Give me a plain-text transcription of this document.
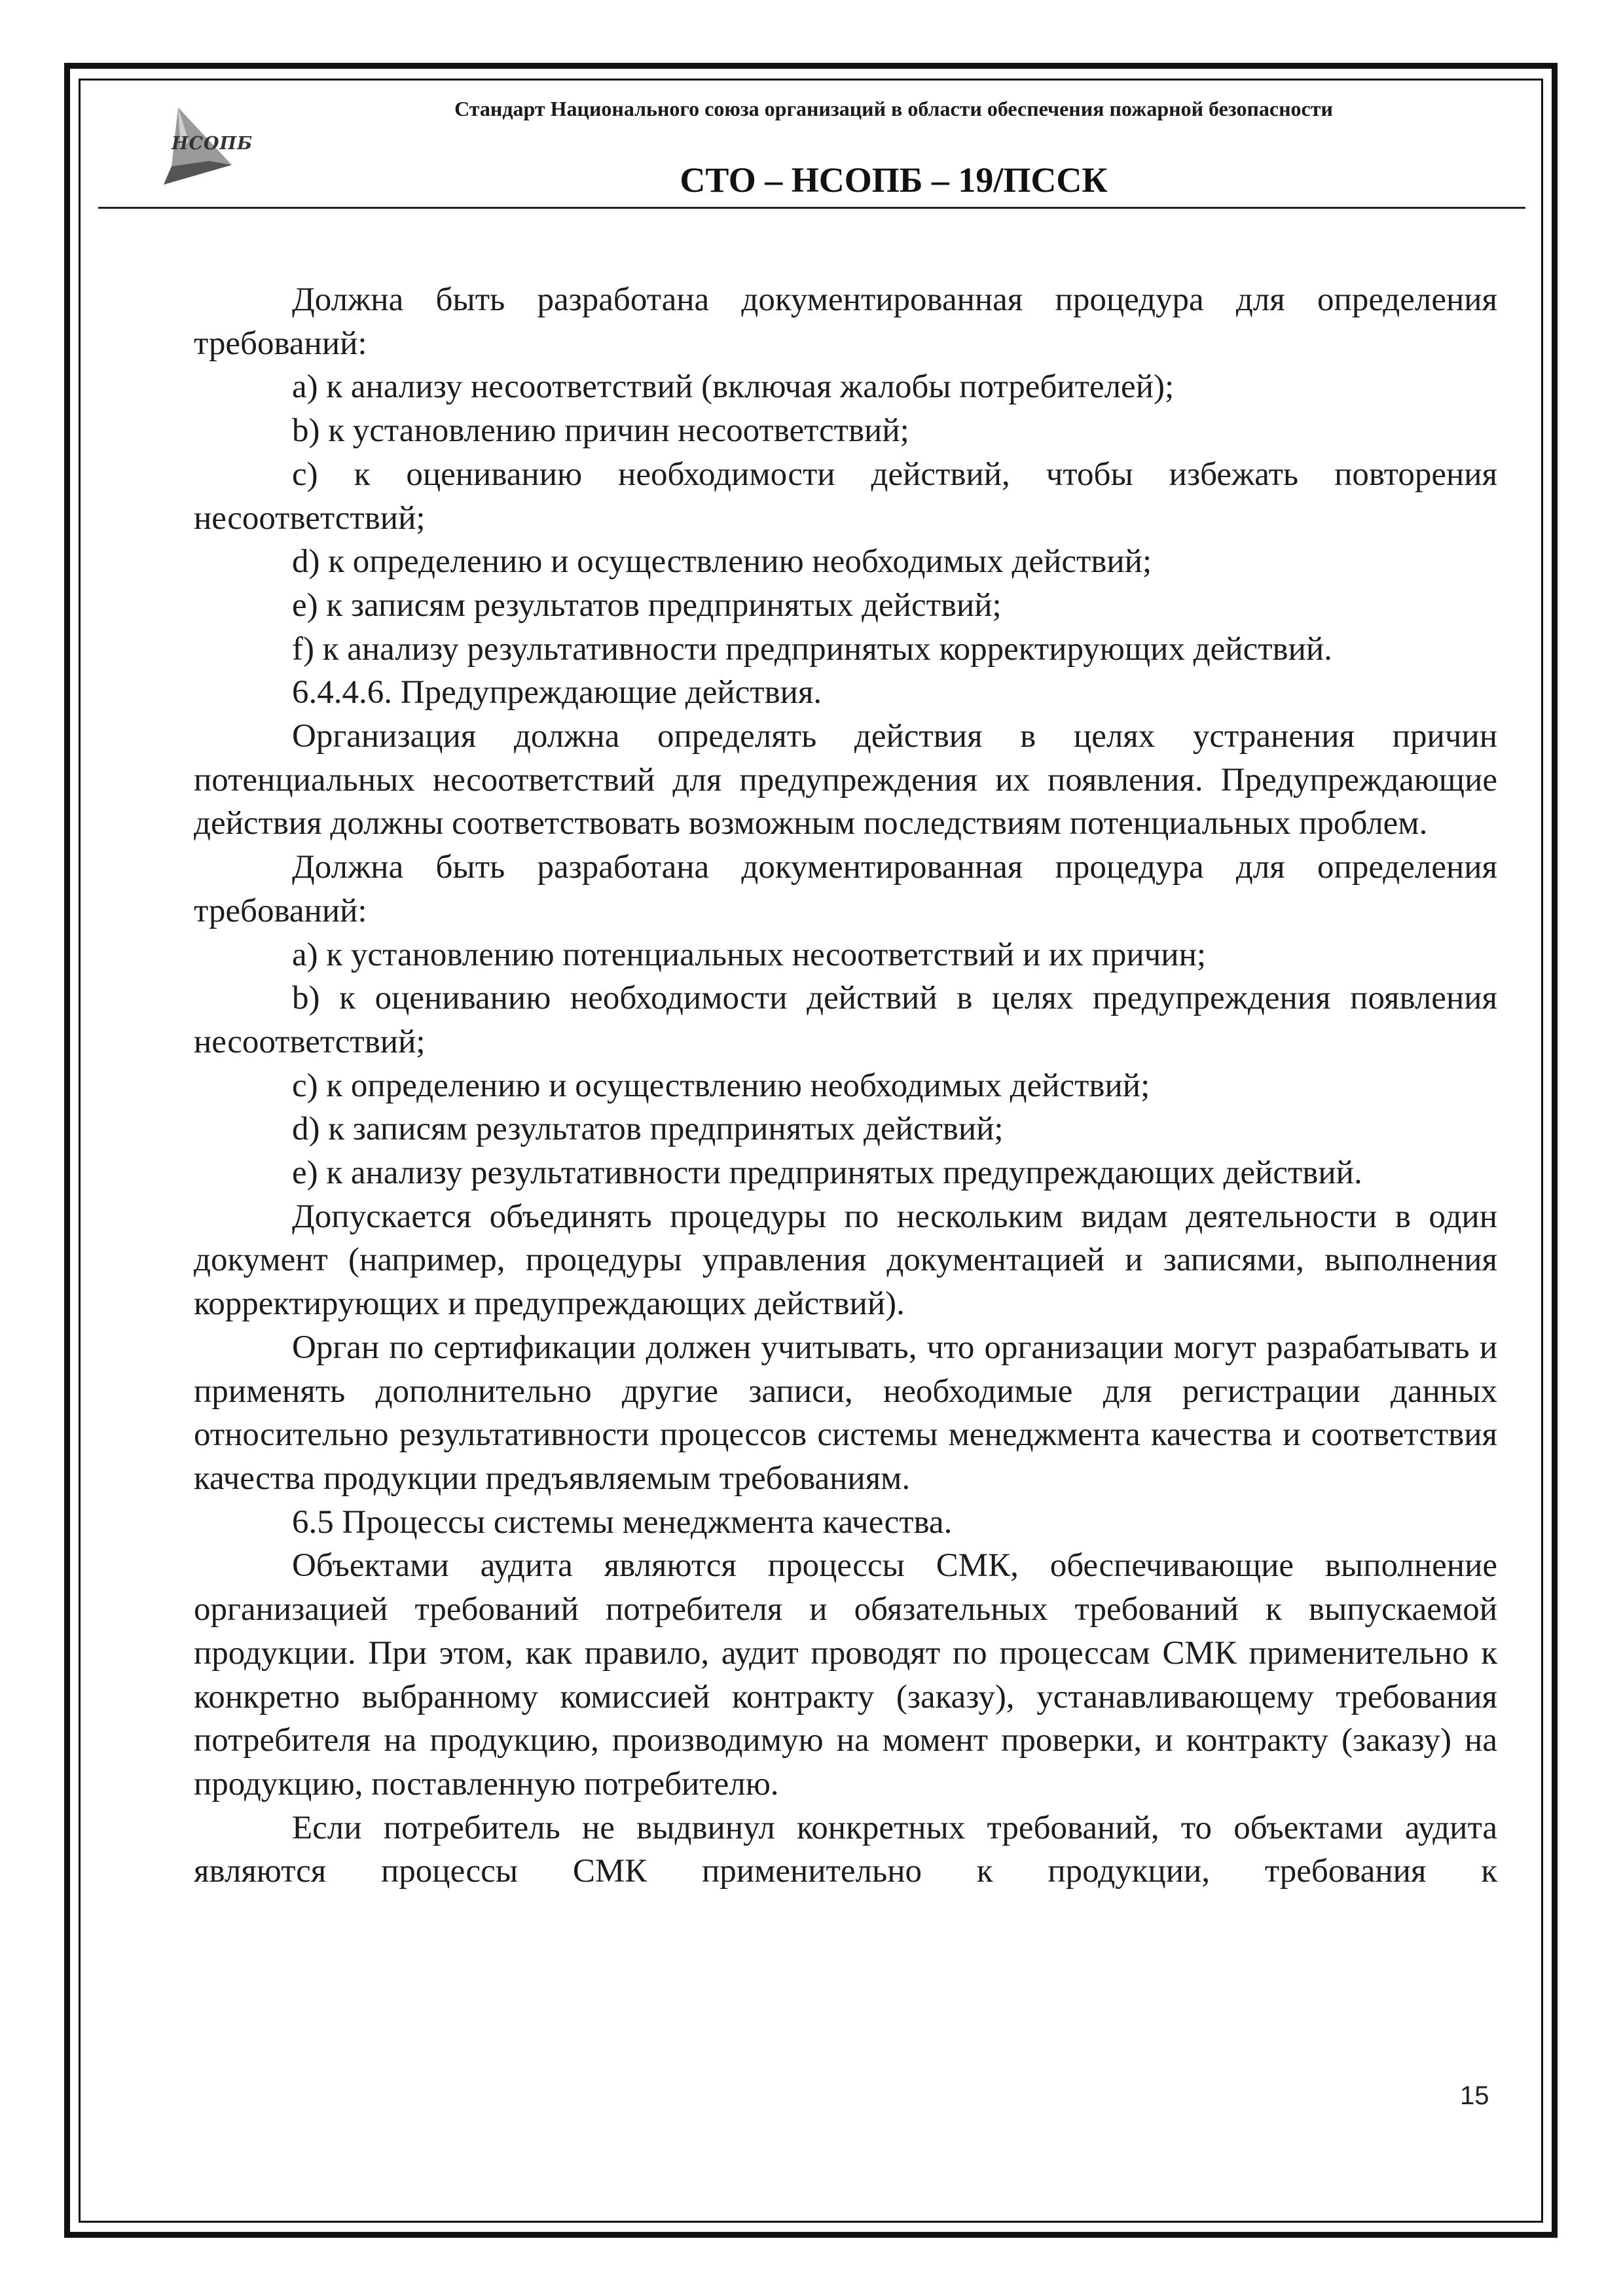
НСОПБ
Стандарт Национального союза организаций в области обеспечения пожарной безопасности
СТО – НСОПБ – 19/ПССК

Должна быть разработана документированная процедура для определения требований:

a) к анализу несоответствий (включая жалобы потребителей);

b) к установлению причин несоответствий;

c) к оцениванию необходимости действий, чтобы избежать повторения несоответствий;

d) к определению и осуществлению необходимых действий;

e) к записям результатов предпринятых действий;

f) к анализу результативности предпринятых корректирующих действий.

6.4.4.6. Предупреждающие действия.

Организация должна определять действия в целях устранения причин потенциальных несоответствий для предупреждения их появления. Предупреждающие действия должны соответствовать возможным последствиям потенциальных проблем.

Должна быть разработана документированная процедура для определения требований:

a) к установлению потенциальных несоответствий и их причин;

b) к оцениванию необходимости действий в целях предупреждения появления несоответствий;

c) к определению и осуществлению необходимых действий;

d) к записям результатов предпринятых действий;

e) к анализу результативности предпринятых предупреждающих действий.

Допускается объединять процедуры по нескольким видам деятельности в один документ (например, процедуры управления документацией и записями, выполнения корректирующих и предупреждающих действий).

Орган по сертификации должен учитывать, что организации могут разрабатывать и применять дополнительно другие записи, необходимые для регистрации данных относительно результативности процессов системы менеджмента качества и соответствия качества продукции предъявляемым требованиям.

6.5 Процессы системы менеджмента качества.

Объектами аудита являются процессы СМК, обеспечивающие выполнение организацией требований потребителя и обязательных требований к выпускаемой продукции. При этом, как правило, аудит проводят по процессам СМК применительно к конкретно выбранному комиссией контракту (заказу), устанавливающему требования потребителя на продукцию, производимую на момент проверки, и контракту (заказу) на продукцию, поставленную потребителю.

Если потребитель не выдвинул конкретных требований, то объектами аудита являются процессы СМК применительно к продукции, требования к

15
